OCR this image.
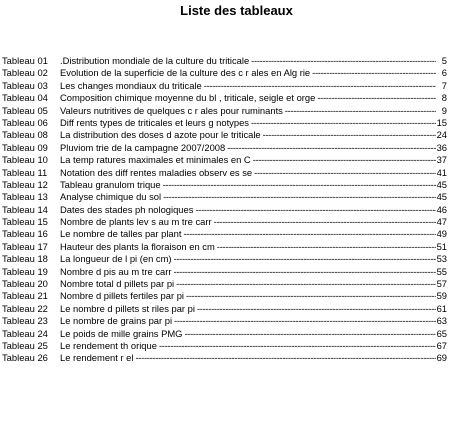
Liste des tableaux
Tableau 01	.Distribution mondiale de la culture du triticale -----	5
Tableau 02	Evolution de la superficie de la culture des c r ales en Alg rie -----	6
Tableau 03	Les changes mondiaux du triticale -----	7
Tableau 04	Composition chimique moyenne du bl , triticale, seigle et orge -----	8
Tableau 05	Valeurs nutritives de quelques c r ales pour ruminants -----	9
Tableau 06	Diff rents types de triticales et leurs g notypes -----	15
Tableau 08	La distribution des doses d azote pour le triticale -----	24
Tableau 09	Pluviom trie de la campagne 2007/2008 -----	36
Tableau 10	La temp ratures maximales et minimales en C -----	37
Tableau 11	Notation des diff rentes maladies observ es se -----	41
Tableau 12	Tableau granulom trique -----	45
Tableau 13	Analyse chimique du sol -----	45
Tableau 14	Dates des stades ph nologiques -----	46
Tableau 15	Nombre de plants lev s au m tre carr -----	47
Tableau 16	Le nombre de talles par plant -----	49
Tableau 17	Hauteur des plants la floraison en cm -----	51
Tableau 18	La longueur de l pi (en cm) -----	53
Tableau 19	Nombre d pis au m tre carr -----	55
Tableau 20	Nombre total d pillets par pi -----	57
Tableau 21	Nombre d pillets fertiles par pi -----	59
Tableau 22	Le nombre d pillets st riles par pi -----	61
Tableau 23	Le nombre de grains par pi -----	63
Tableau 24	Le poids de mille grains PMG -----	65
Tableau 25	Le rendement th orique -----	67
Tableau 26	Le rendement r el -----	69
